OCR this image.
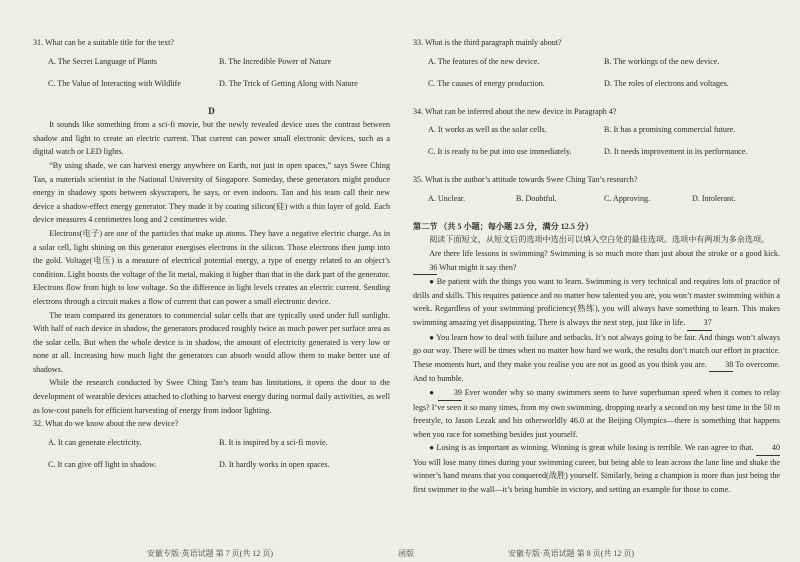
31. What can be a suitable title for the text?

A. The Secret Language of Plants	B. The Incredible Power of Nature
C. The Value of Interacting with Wildlife	D. The Trick of Getting Along with Nature

D

It sounds like something from a sci-fi movie, but the newly revealed device uses the contrast between shadow and light to create an electric current. That current can power small electronic devices, such as a digital watch or LED lights.

“By using shade, we can harvest energy anywhere on Earth, not just in open spaces,” says Swee Ching Tan, a materials scientist in the National University of Singapore. Someday, these generators might produce energy in shadowy spots between skyscrapers, he says, or even indoors. Tan and his team call their new device a shadow-effect energy generator. They made it by coating silicon(硅) with a thin layer of gold. Each device measures 4 centimetres long and 2 centimetres wide.

Electrons(电子) are one of the particles that make up atoms. They have a negative electric charge. As in a solar cell, light shining on this generator energises electrons in the silicon. Those electrons then jump into the gold. Voltage(电压) is a measure of electrical potential energy, a type of energy related to an object’s condition. Light boosts the voltage of the lit metal, making it higher than that in the dark part of the generator. Electrons flow from high to low voltage. So the difference in light levels creates an electric current. Sending electrons through a circuit makes a flow of current that can power a small electronic device.

The team compared its generators to commercial solar cells that are typically used under full sunlight. With half of each device in shadow, the generators produced roughly twice as much power per surface area as the solar cells. But when the whole device is in shadow, the amount of electricity generated is very low or none at all. Increasing how much light the generators can absorb would allow them to make better use of shadows.

While the research conducted by Swee Ching Tan’s team has limitations, it opens the door to the development of wearable devices attached to clothing to harvest energy during normal daily activities, as well as low-cost panels for efficient harvesting of energy from indoor lighting.

32. What do we know about the new device?

A. It can generate electricity.	B. It is inspired by a sci-fi movie.
C. It can give off light in shadow.	D. It hardly works in open spaces.

33. What is the third paragraph mainly about?

A. The features of the new device.	B. The workings of the new device.
C. The causes of energy production.	D. The roles of electrons and voltages.

34. What can be inferred about the new device in Paragraph 4?

A. It works as well as the solar cells.	B. It has a promising commercial future.
C. It is ready to be put into use immediately.	D. It needs improvement in its performance.

35. What is the author’s attitude towards Swee Ching Tan’s research?

A. Unclear.	B. Doubtful.	C. Approving.	D. Intolerant.

第二节 （共 5 小题；每小题 2.5 分，满分 12.5 分）

阅读下面短文，从短文后的选项中选出可以填入空白处的最佳选项。选项中有两项为多余选项。

Are there life lessons in swimming? Swimming is so much more than just about the stroke or a good kick. 36 What might it say then?

● Be patient with the things you want to learn. Swimming is very technical and requires lots of practice of drills and skills. This requires patience and no matter how talented you are, you won’t master swimming within a week. Regardless of your swimming proficiency(熟练), you will always have something to learn. This makes swimming amazing yet disappointing. There is always the next step, just like in life. 37

● You learn how to deal with failure and setbacks. It’s not always going to be fair. And things won’t always go our way. There will be times when no matter how hard we work, the results don’t match our effort in practice. These moments hurt, and they make you realise you are not as good as you think you are. 38 To overcome. And to bumble.

● 39 Ever wonder why so many swimmers seem to have superhuman speed when it comes to relay legs? I’ve seen it so many times, from my own swimming, dropping nearly a second on my best time in the 50 m freestyle, to Jason Lezak and his otherworldly 46.0 at the Beijing Olympics—there is something that happens when you race for something besides just yourself.

● Losing is as important as winning. Winning is great while losing is terrible. We can agree to that. 40 You will lose many times during your swimming career, but being able to lean across the lane line and shake the winner’s hand means that you conquered(战胜) yourself. Similarly, being a champion is more than just being the first swimmer to the wall—it’s being humble in victory, and setting an example for those to come.

安徽专版·英语试题 第 7 页(共 12 页)	函版	安徽专版·英语试题 第 8 页(共 12 页)
